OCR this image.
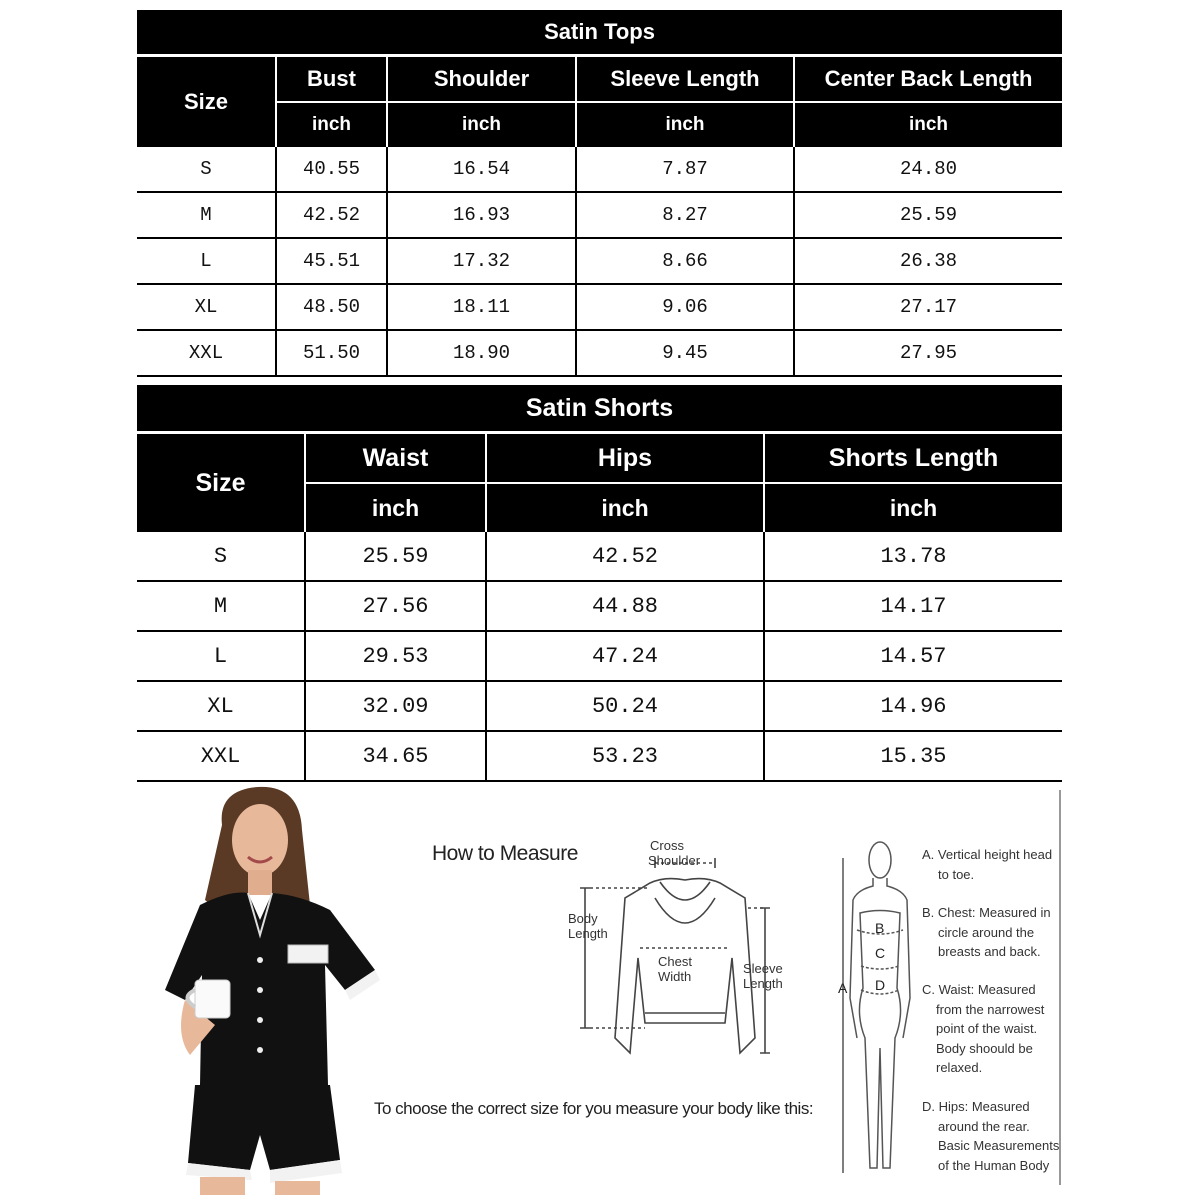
Satin Tops				
Size	Bust	Shoulder	Sleeve Length	Center Back Length
	inch	inch	inch	inch
S	40.55	16.54	7.87	24.80
M	42.52	16.93	8.27	25.59
L	45.51	17.32	8.66	26.38
XL	48.50	18.11	9.06	27.17
XXL	51.50	18.90	9.45	27.95
Satin Shorts			
Size	Waist	Hips	Shorts Length
	inch	inch	inch
S	25.59	42.52	13.78
M	27.56	44.88	14.17
L	29.53	47.24	14.57
XL	32.09	50.24	14.96
XXL	34.65	53.23	15.35
How to Measure	Cross
Shoulder
Body
Length
Chest
Width
Sleeve
Length
B
C
D
A
A. Vertical height head
to toe.
B. Chest: Measured in
circle around the
breasts and back.
C. Waist: Measured
from the narrowest
point of the waist.
Body shoould be
relaxed.
D. Hips: Measured
around the rear.
Basic Measurements
of the Human Body
To choose the correct size for you measure your body like this:
